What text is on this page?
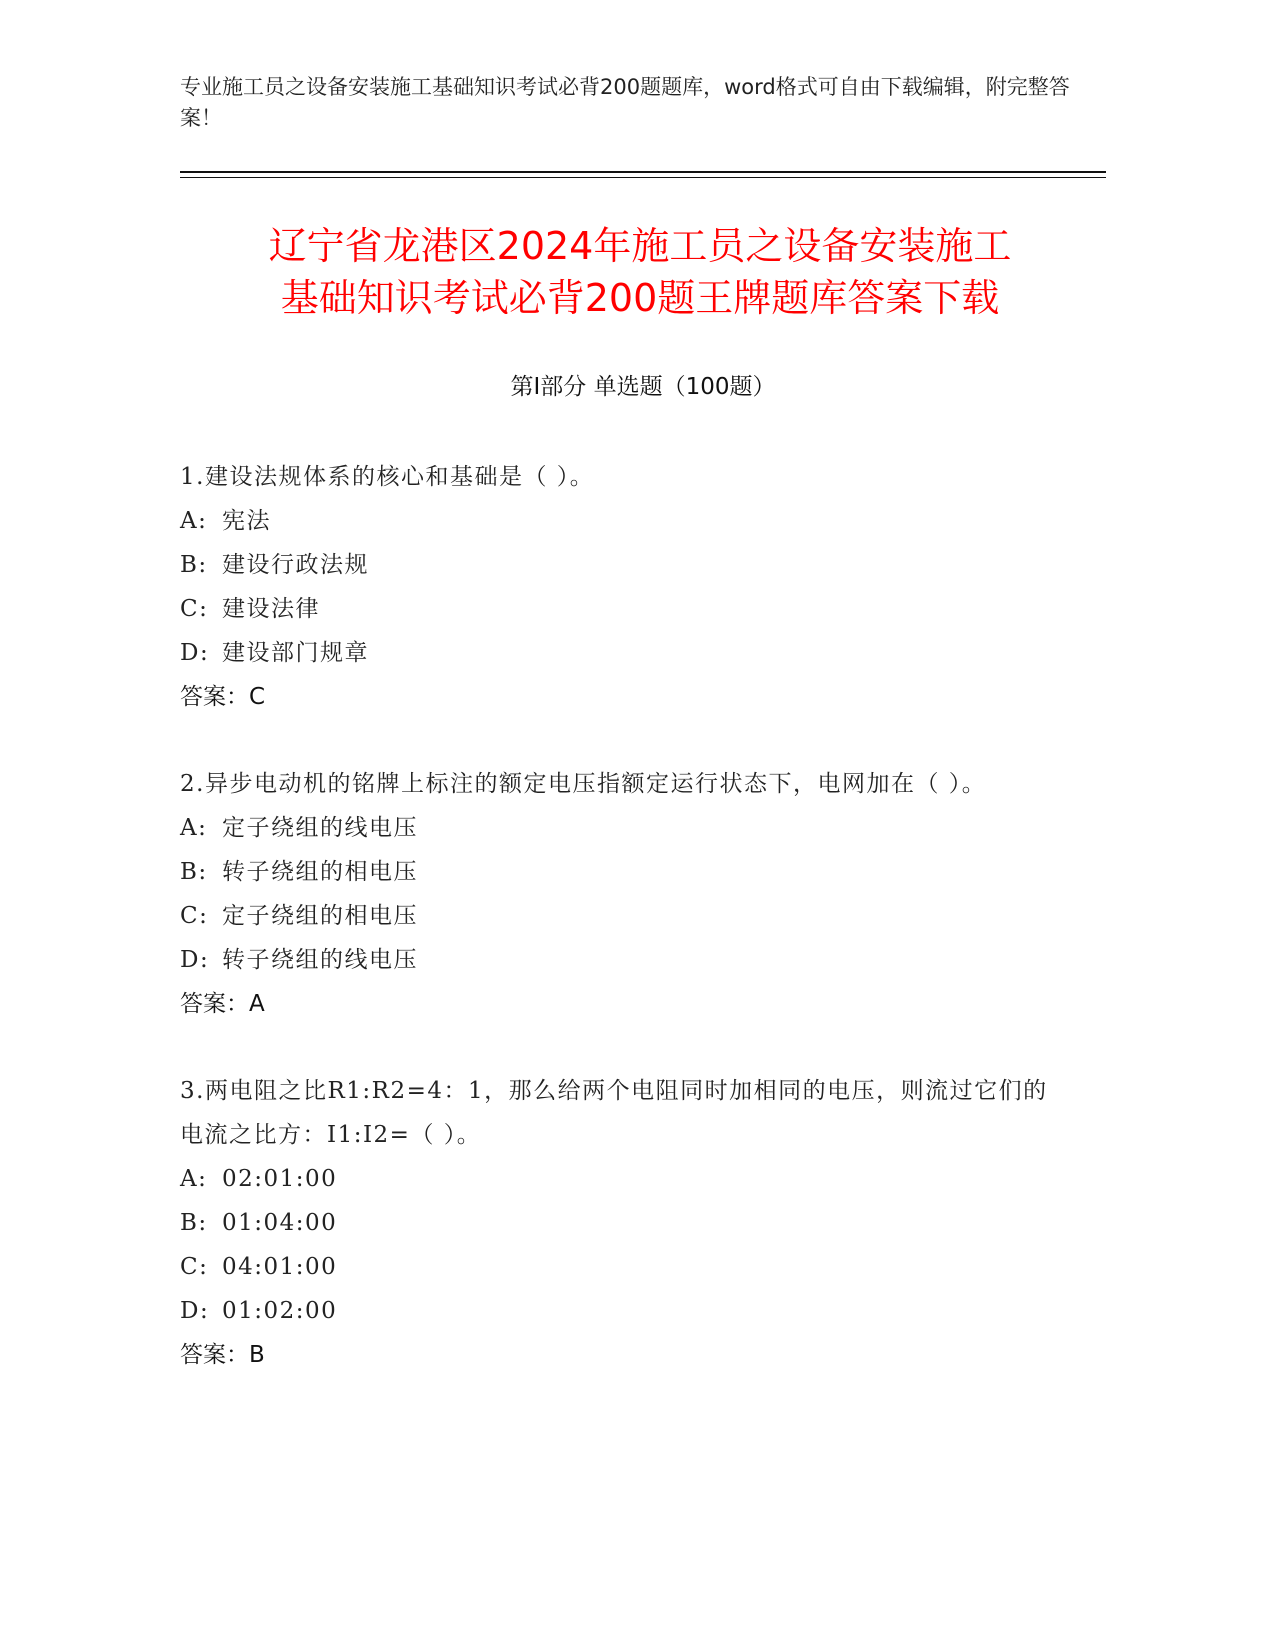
专业施工员之设备安装施工基础知识考试必背200题题库，word格式可自由下载编辑，附完整答案！
辽宁省龙港区2024年施工员之设备安装施工
基础知识考试必背200题王牌题库答案下载
第Ⅰ部分 单选题（100题）
1.建设法规体系的核心和基础是（ ）。
A: 宪法
B: 建设行政法规
C: 建设法律
D: 建设部门规章
答案：C
2.异步电动机的铭牌上标注的额定电压指额定运行状态下，电网加在（ ）。
A: 定子绕组的线电压
B: 转子绕组的相电压
C: 定子绕组的相电压
D: 转子绕组的线电压
答案：A
3.两电阻之比R1:R2=4：1，那么给两个电阻同时加相同的电压，则流过它们的电流之比方：I1:I2=（ ）。
A: 02:01:00
B: 01:04:00
C: 04:01:00
D: 01:02:00
答案：B
